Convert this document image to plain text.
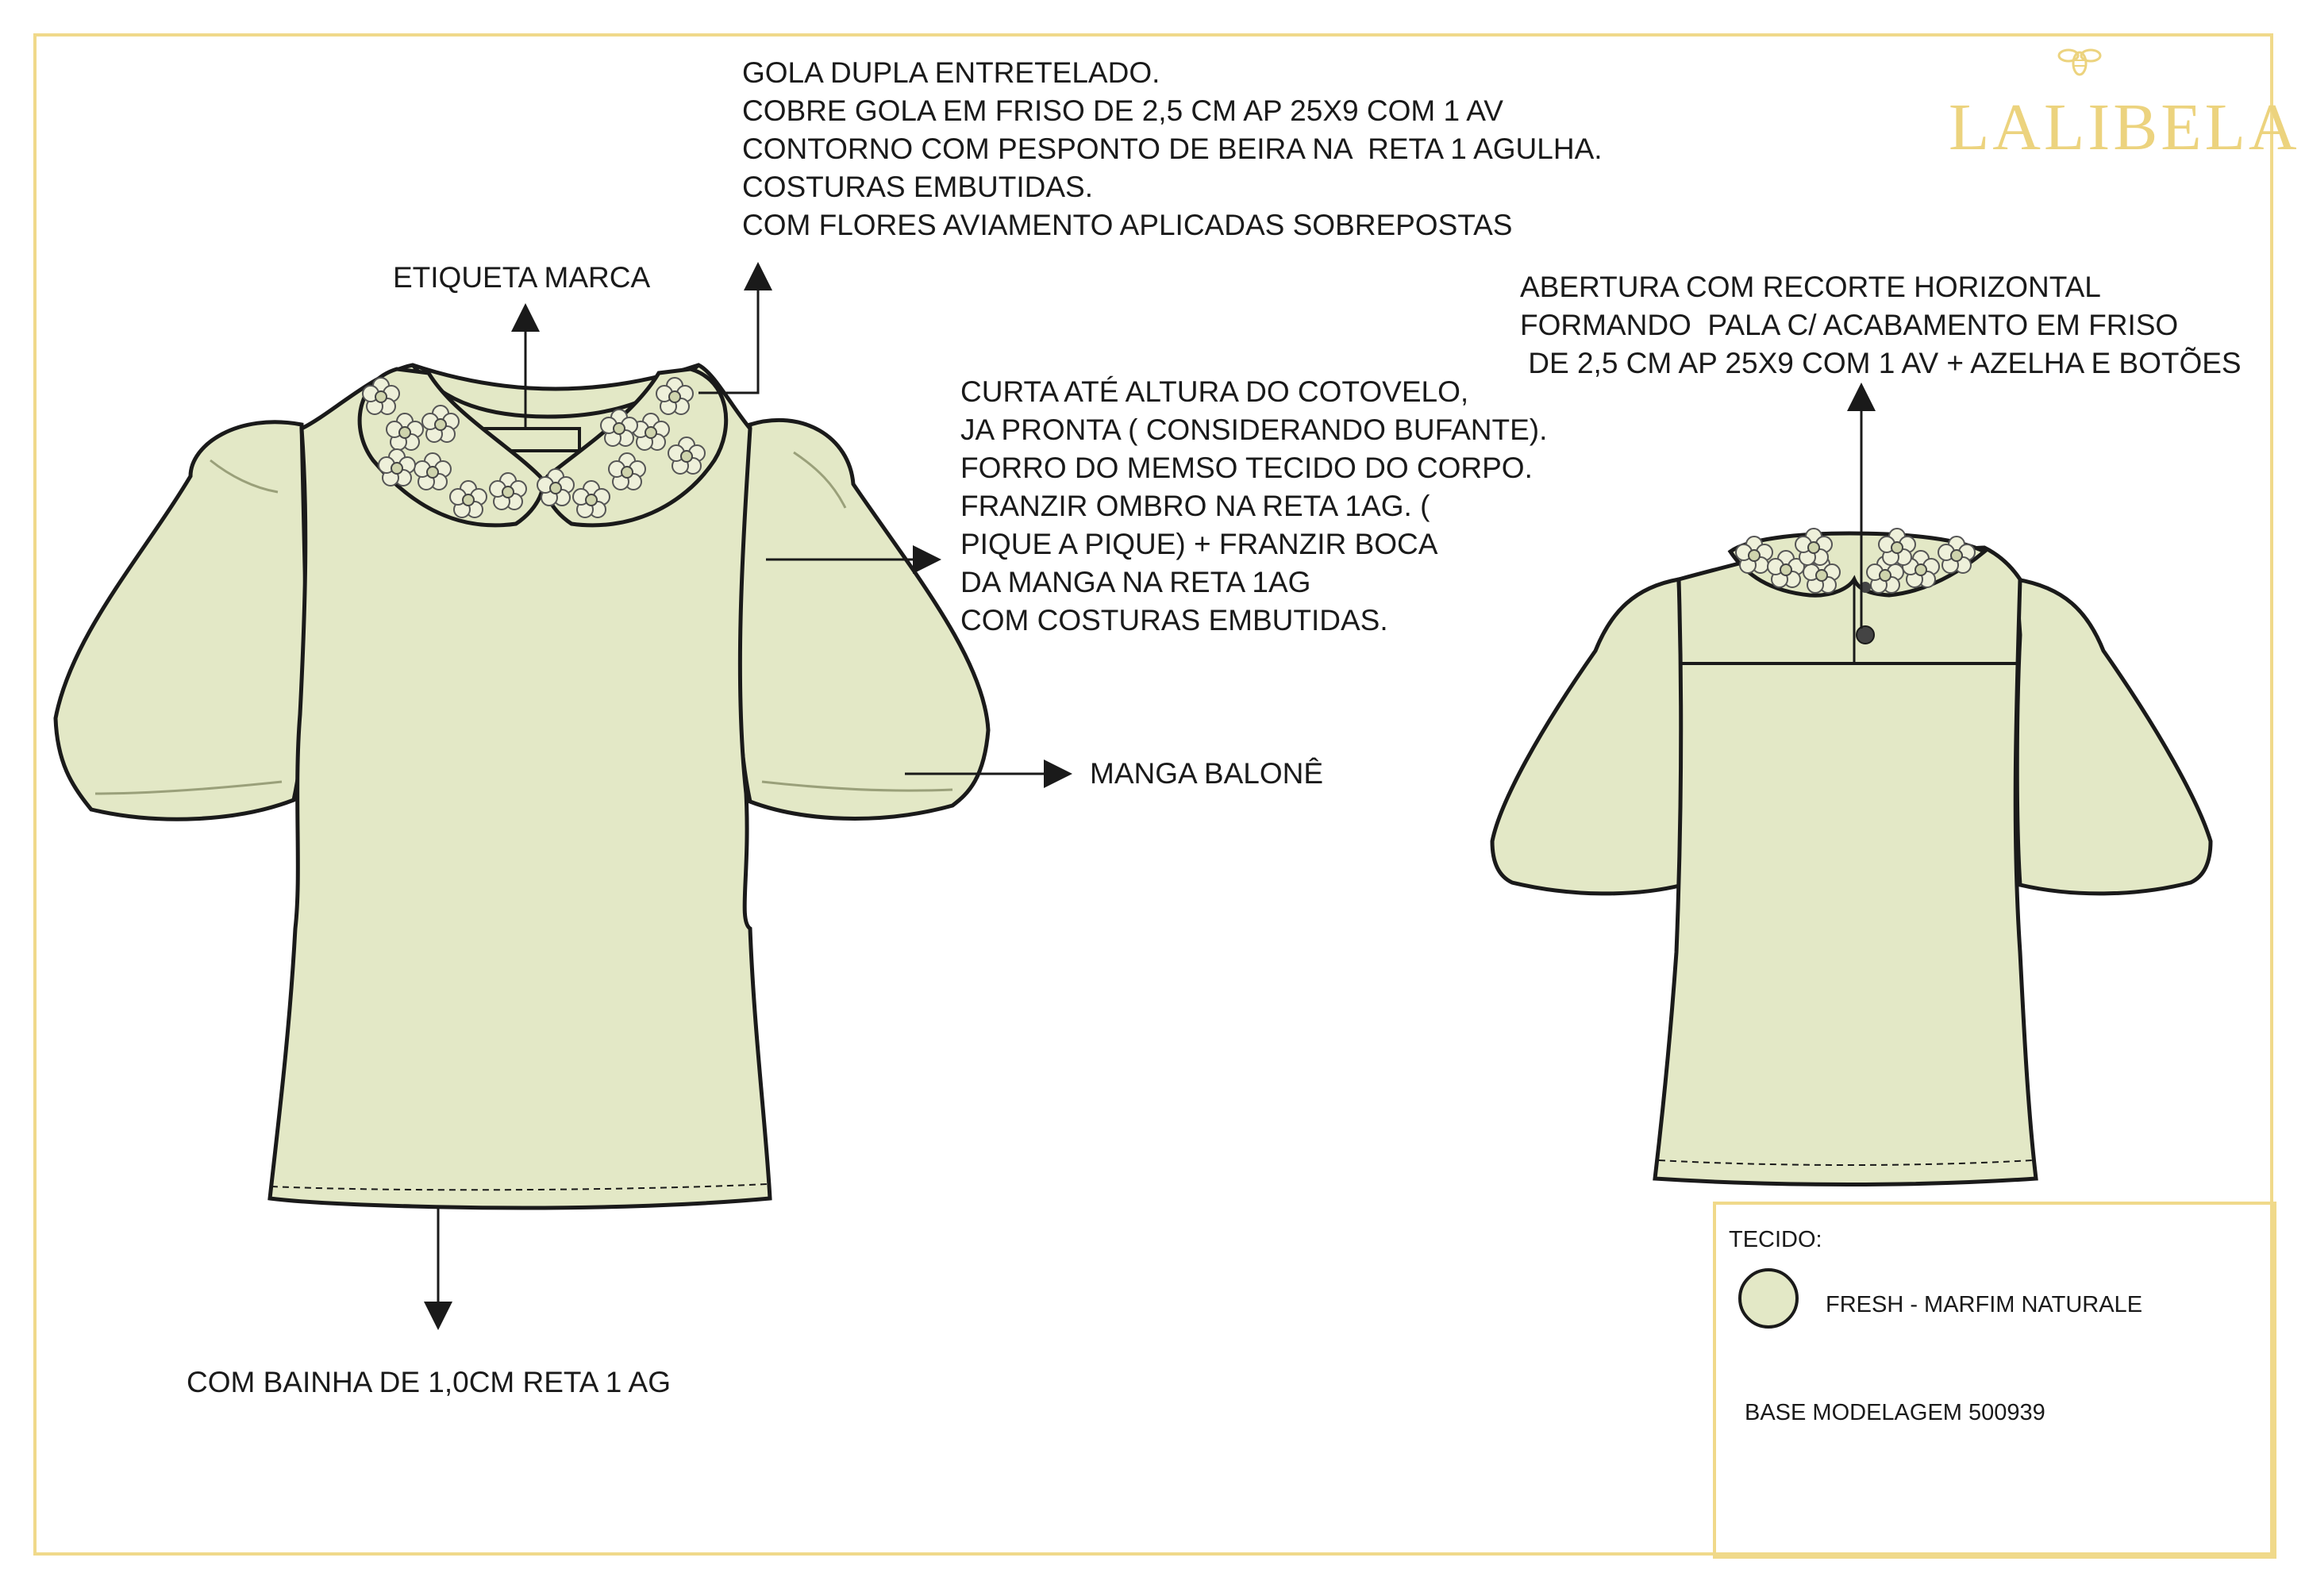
LALIBELA
GOLA DUPLA ENTRETELADO.
COBRE GOLA EM FRISO DE 2,5 CM AP 25X9 COM 1 AV
CONTORNO COM PESPONTO DE BEIRA NA  RETA 1 AGULHA.
COSTURAS EMBUTIDAS.
COM FLORES AVIAMENTO APLICADAS SOBREPOSTAS
ETIQUETA MARCA	ABERTURA COM RECORTE HORIZONTAL
FORMANDO  PALA C/ ACABAMENTO EM FRISO
DE 2,5 CM AP 25X9 COM 1 AV + AZELHA E BOTÕES
CURTA ATÉ ALTURA DO COTOVELO,
JA PRONTA ( CONSIDERANDO BUFANTE).
FORRO DO MEMSO TECIDO DO CORPO.
FRANZIR OMBRO NA RETA 1AG. (
PIQUE A PIQUE) + FRANZIR BOCA
DA MANGA NA RETA 1AG
COM COSTURAS EMBUTIDAS.
MANGA BALONÊ
COM BAINHA DE 1,0CM RETA 1 AG
TECIDO:
FRESH - MARFIM NATURALE
BASE MODELAGEM 500939
